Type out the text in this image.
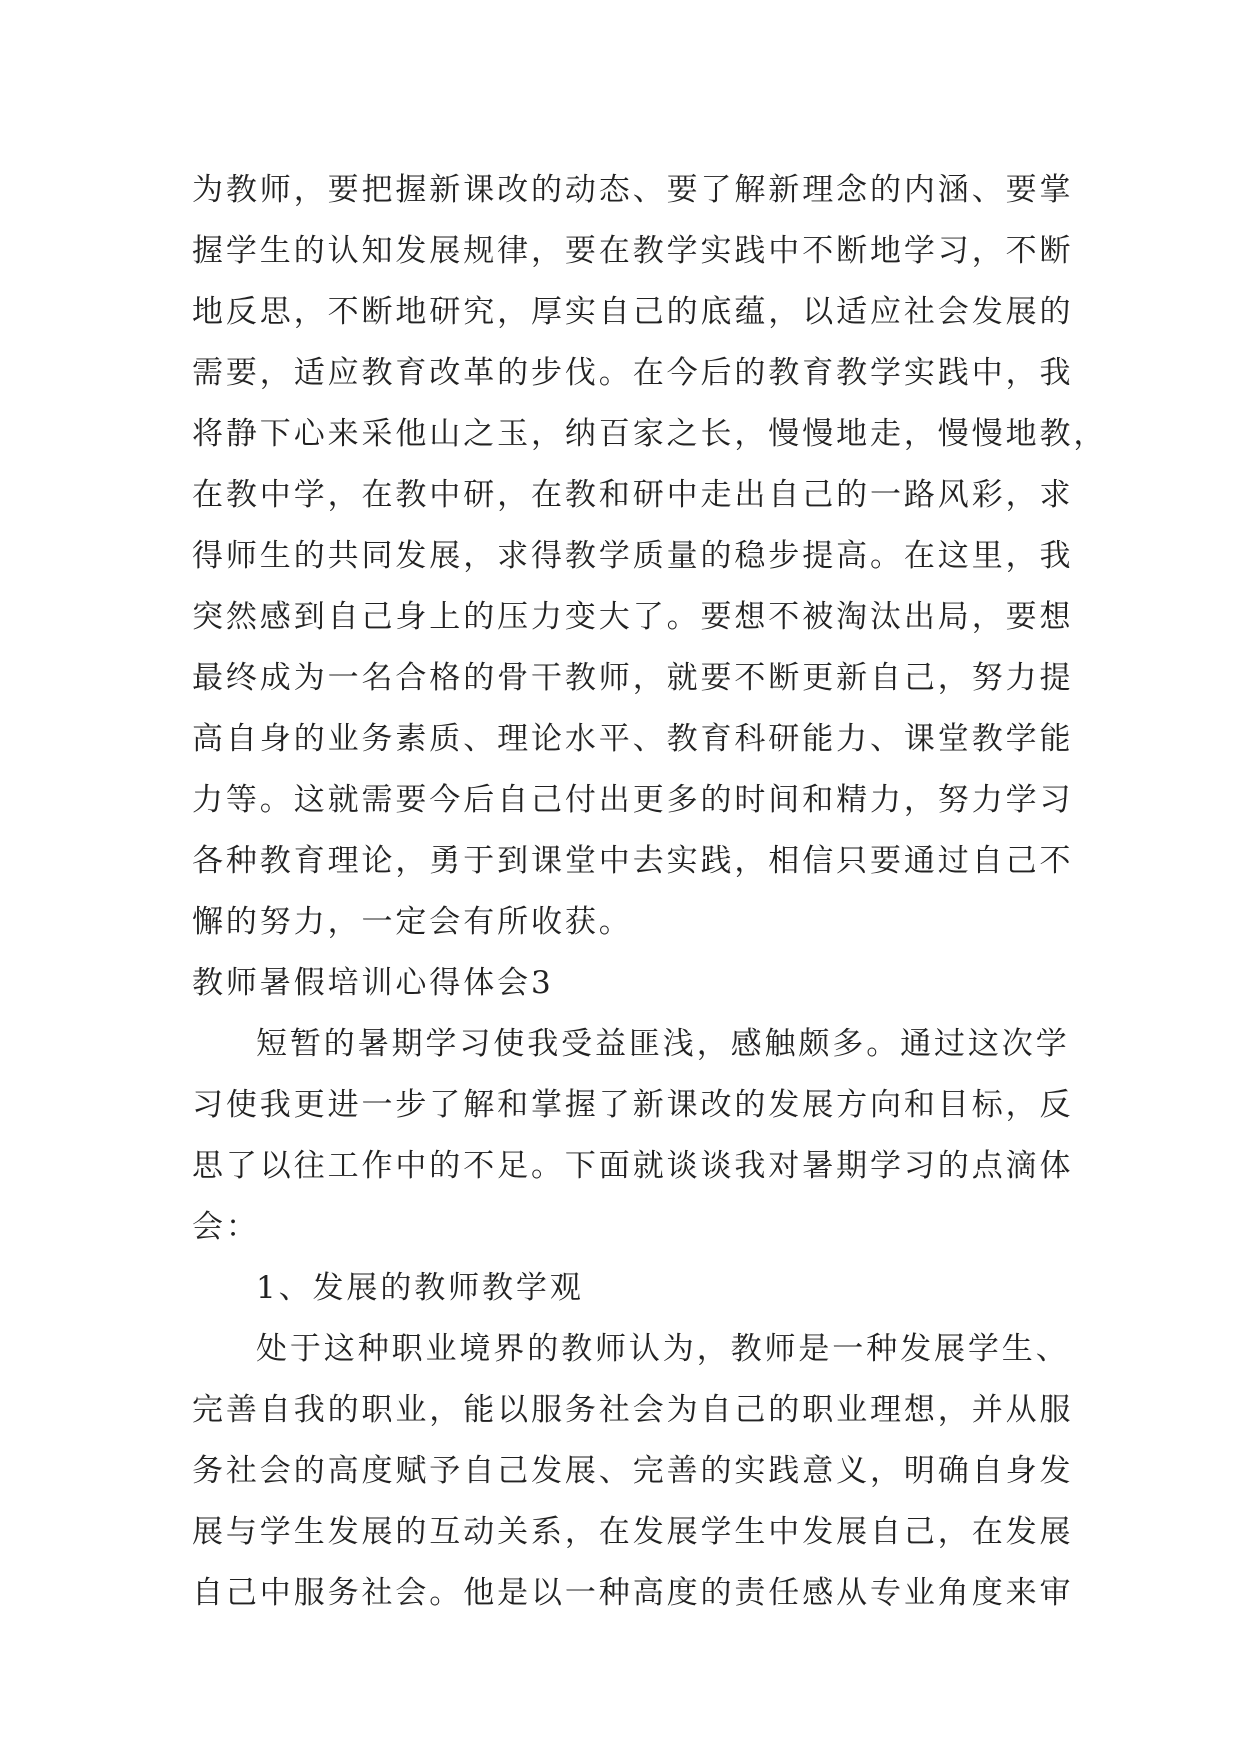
为教师，要把握新课改的动态、要了解新理念的内涵、要掌
握学生的认知发展规律，要在教学实践中不断地学习，不断
地反思，不断地研究，厚实自己的底蕴，以适应社会发展的
需要，适应教育改革的步伐。在今后的教育教学实践中，我
将静下心来采他山之玉，纳百家之长，慢慢地走，慢慢地教，
在教中学，在教中研，在教和研中走出自己的一路风彩，求
得师生的共同发展，求得教学质量的稳步提高。在这里，我
突然感到自己身上的压力变大了。要想不被淘汰出局，要想
最终成为一名合格的骨干教师，就要不断更新自己，努力提
高自身的业务素质、理论水平、教育科研能力、课堂教学能
力等。这就需要今后自己付出更多的时间和精力，努力学习
各种教育理论，勇于到课堂中去实践，相信只要通过自己不
懈的努力，一定会有所收获。
教师暑假培训心得体会3
短暂的暑期学习使我受益匪浅，感触颇多。通过这次学
习使我更进一步了解和掌握了新课改的发展方向和目标，反
思了以往工作中的不足。下面就谈谈我对暑期学习的点滴体
会：
1、发展的教师教学观
处于这种职业境界的教师认为，教师是一种发展学生、
完善自我的职业，能以服务社会为自己的职业理想，并从服
务社会的高度赋予自己发展、完善的实践意义，明确自身发
展与学生发展的互动关系，在发展学生中发展自己，在发展
自己中服务社会。他是以一种高度的责任感从专业角度来审
